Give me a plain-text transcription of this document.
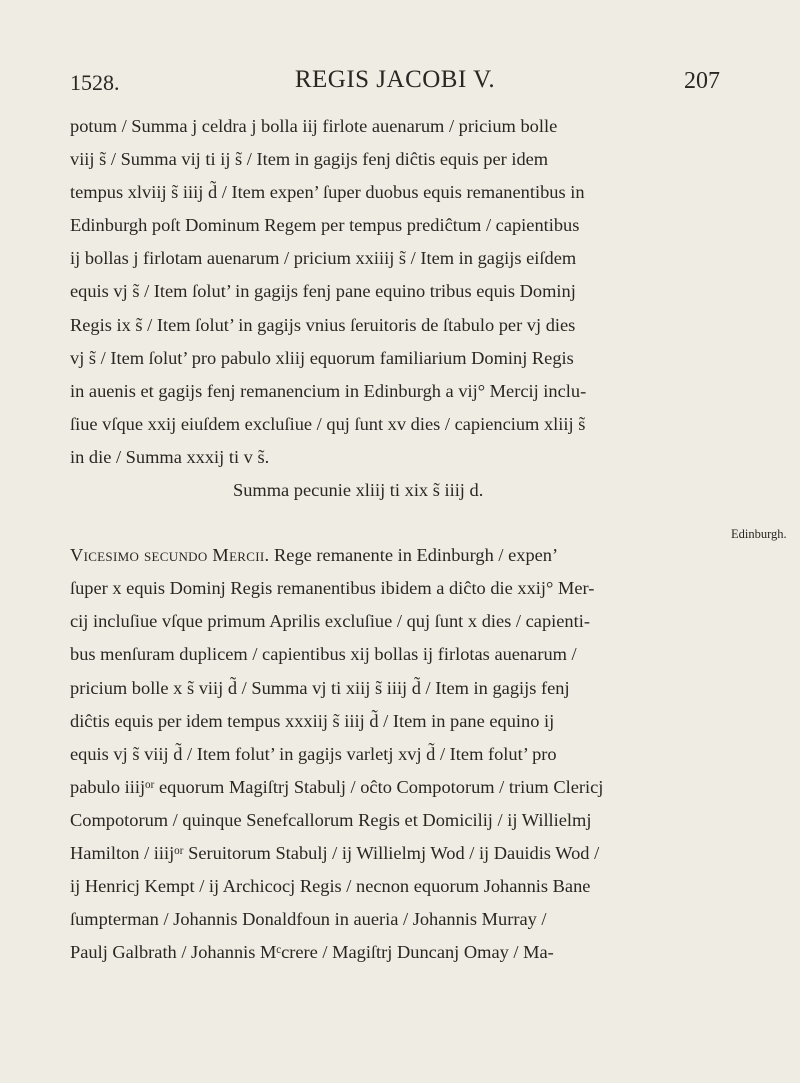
1528.	REGIS JACOBI V.	207
potum / Summa j celdra j bolla iij firlote auenarum / pricium bolle
viij s̃ / Summa vij ti ij s̃ / Item in gagijs fenj diĉtis equis per idem
tempus xlviij s̃ iiij d̃ / Item expen’ ſuper duobus equis remanentibus in
Edinburgh poſt Dominum Regem per tempus prediĉtum / capientibus
ij bollas j firlotam auenarum / pricium xxiiij s̃ / Item in gagijs eiſdem
equis vj s̃ / Item ſolut’ in gagijs fenj pane equino tribus equis Dominj
Regis ix s̃ / Item ſolut’ in gagijs vnius ſeruitoris de ſtabulo per vj dies
vj s̃ / Item ſolut’ pro pabulo xliij equorum familiarium Dominj Regis
in auenis et gagijs fenj remanencium in Edinburgh a vij° Mercij inclu-
ſiue vſque xxij eiuſdem excluſiue / quj ſunt xv dies / capiencium xliij s̃
in die / Summa xxxij ti v s̃.
Summa pecunie xliij ti xix s̃ iiij d.
Vicesimo secundo Mercii. Rege remanente in Edinburgh / expen’
ſuper x equis Dominj Regis remanentibus ibidem a diĉto die xxij° Mer-
cij incluſiue vſque primum Aprilis excluſiue / quj ſunt x dies / capienti-
bus menſuram duplicem / capientibus xij bollas ij firlotas auenarum /
pricium bolle x s̃ viij d̃ / Summa vj ti xiij s̃ iiij d̃ / Item in gagijs fenj
diĉtis equis per idem tempus xxxiij s̃ iiij d̃ / Item in pane equino ij
equis vj s̃ viij d̃ / Item folut’ in gagijs varletj xvj d̃ / Item folut’ pro
pabulo iiijᵒʳ equorum Magiſtrj Stabulj / oĉto Compotorum / trium Clericj
Compotorum / quinque Senefcallorum Regis et Domicilij / ij Willielmj
Hamilton / iiijᵒʳ Seruitorum Stabulj / ij Willielmj Wod / ij Dauidis Wod /
ij Henricj Kempt / ij Archicocj Regis / necnon equorum Johannis Bane
ſumpterman / Johannis Donaldfoun in aueria / Johannis Murray /
Paulj Galbrath / Johannis Mᶜcrere / Magiſtrj Duncanj Omay / Ma-
Edinburgh.
